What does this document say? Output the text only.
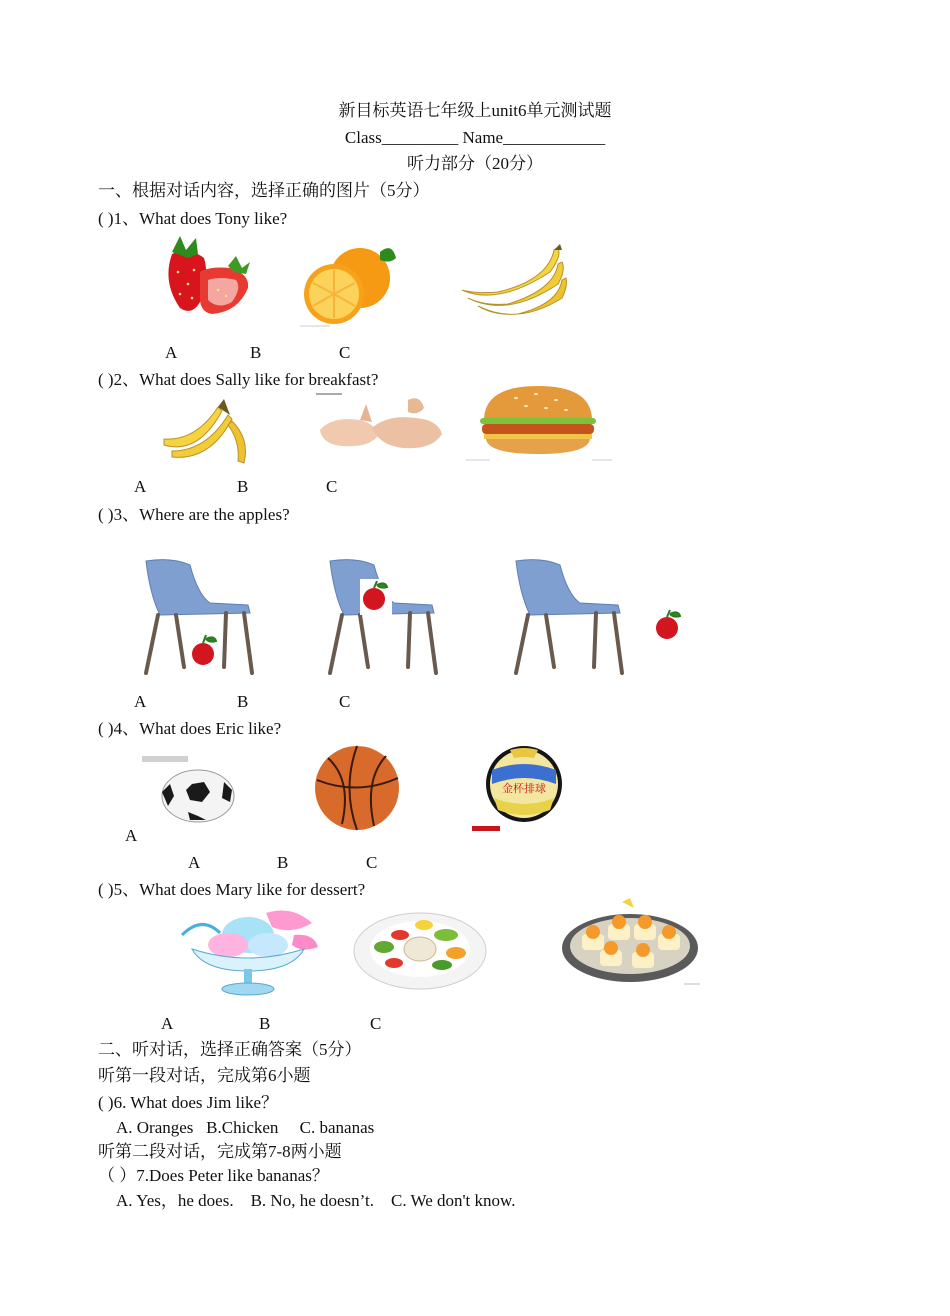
新目标英语七年级上unit6单元测试题
Class_________ Name____________
听力部分（20分）
一、根据对话内容，选择正确的图片（5分）
( )1、What does Tony like?
A	B	C
( )2、What does Sally like for breakfast?
A	B	C
( )3、Where are the apples?
A	B	C
( )4、What does Eric like?
金杯排球
A
A	B	C
( )5、What does Mary like for dessert?
A	B	C
二、听对话，选择正确答案（5分）
听第一段对话，完成第6小题
( )6. What does Jim like？
A. Oranges   B.Chicken     C. bananas
听第二段对话，完成第7-8两小题
（ ）7.Does Peter like bananas？
A. Yes，he does.    B. No, he doesn’t.    C. We don't know.
